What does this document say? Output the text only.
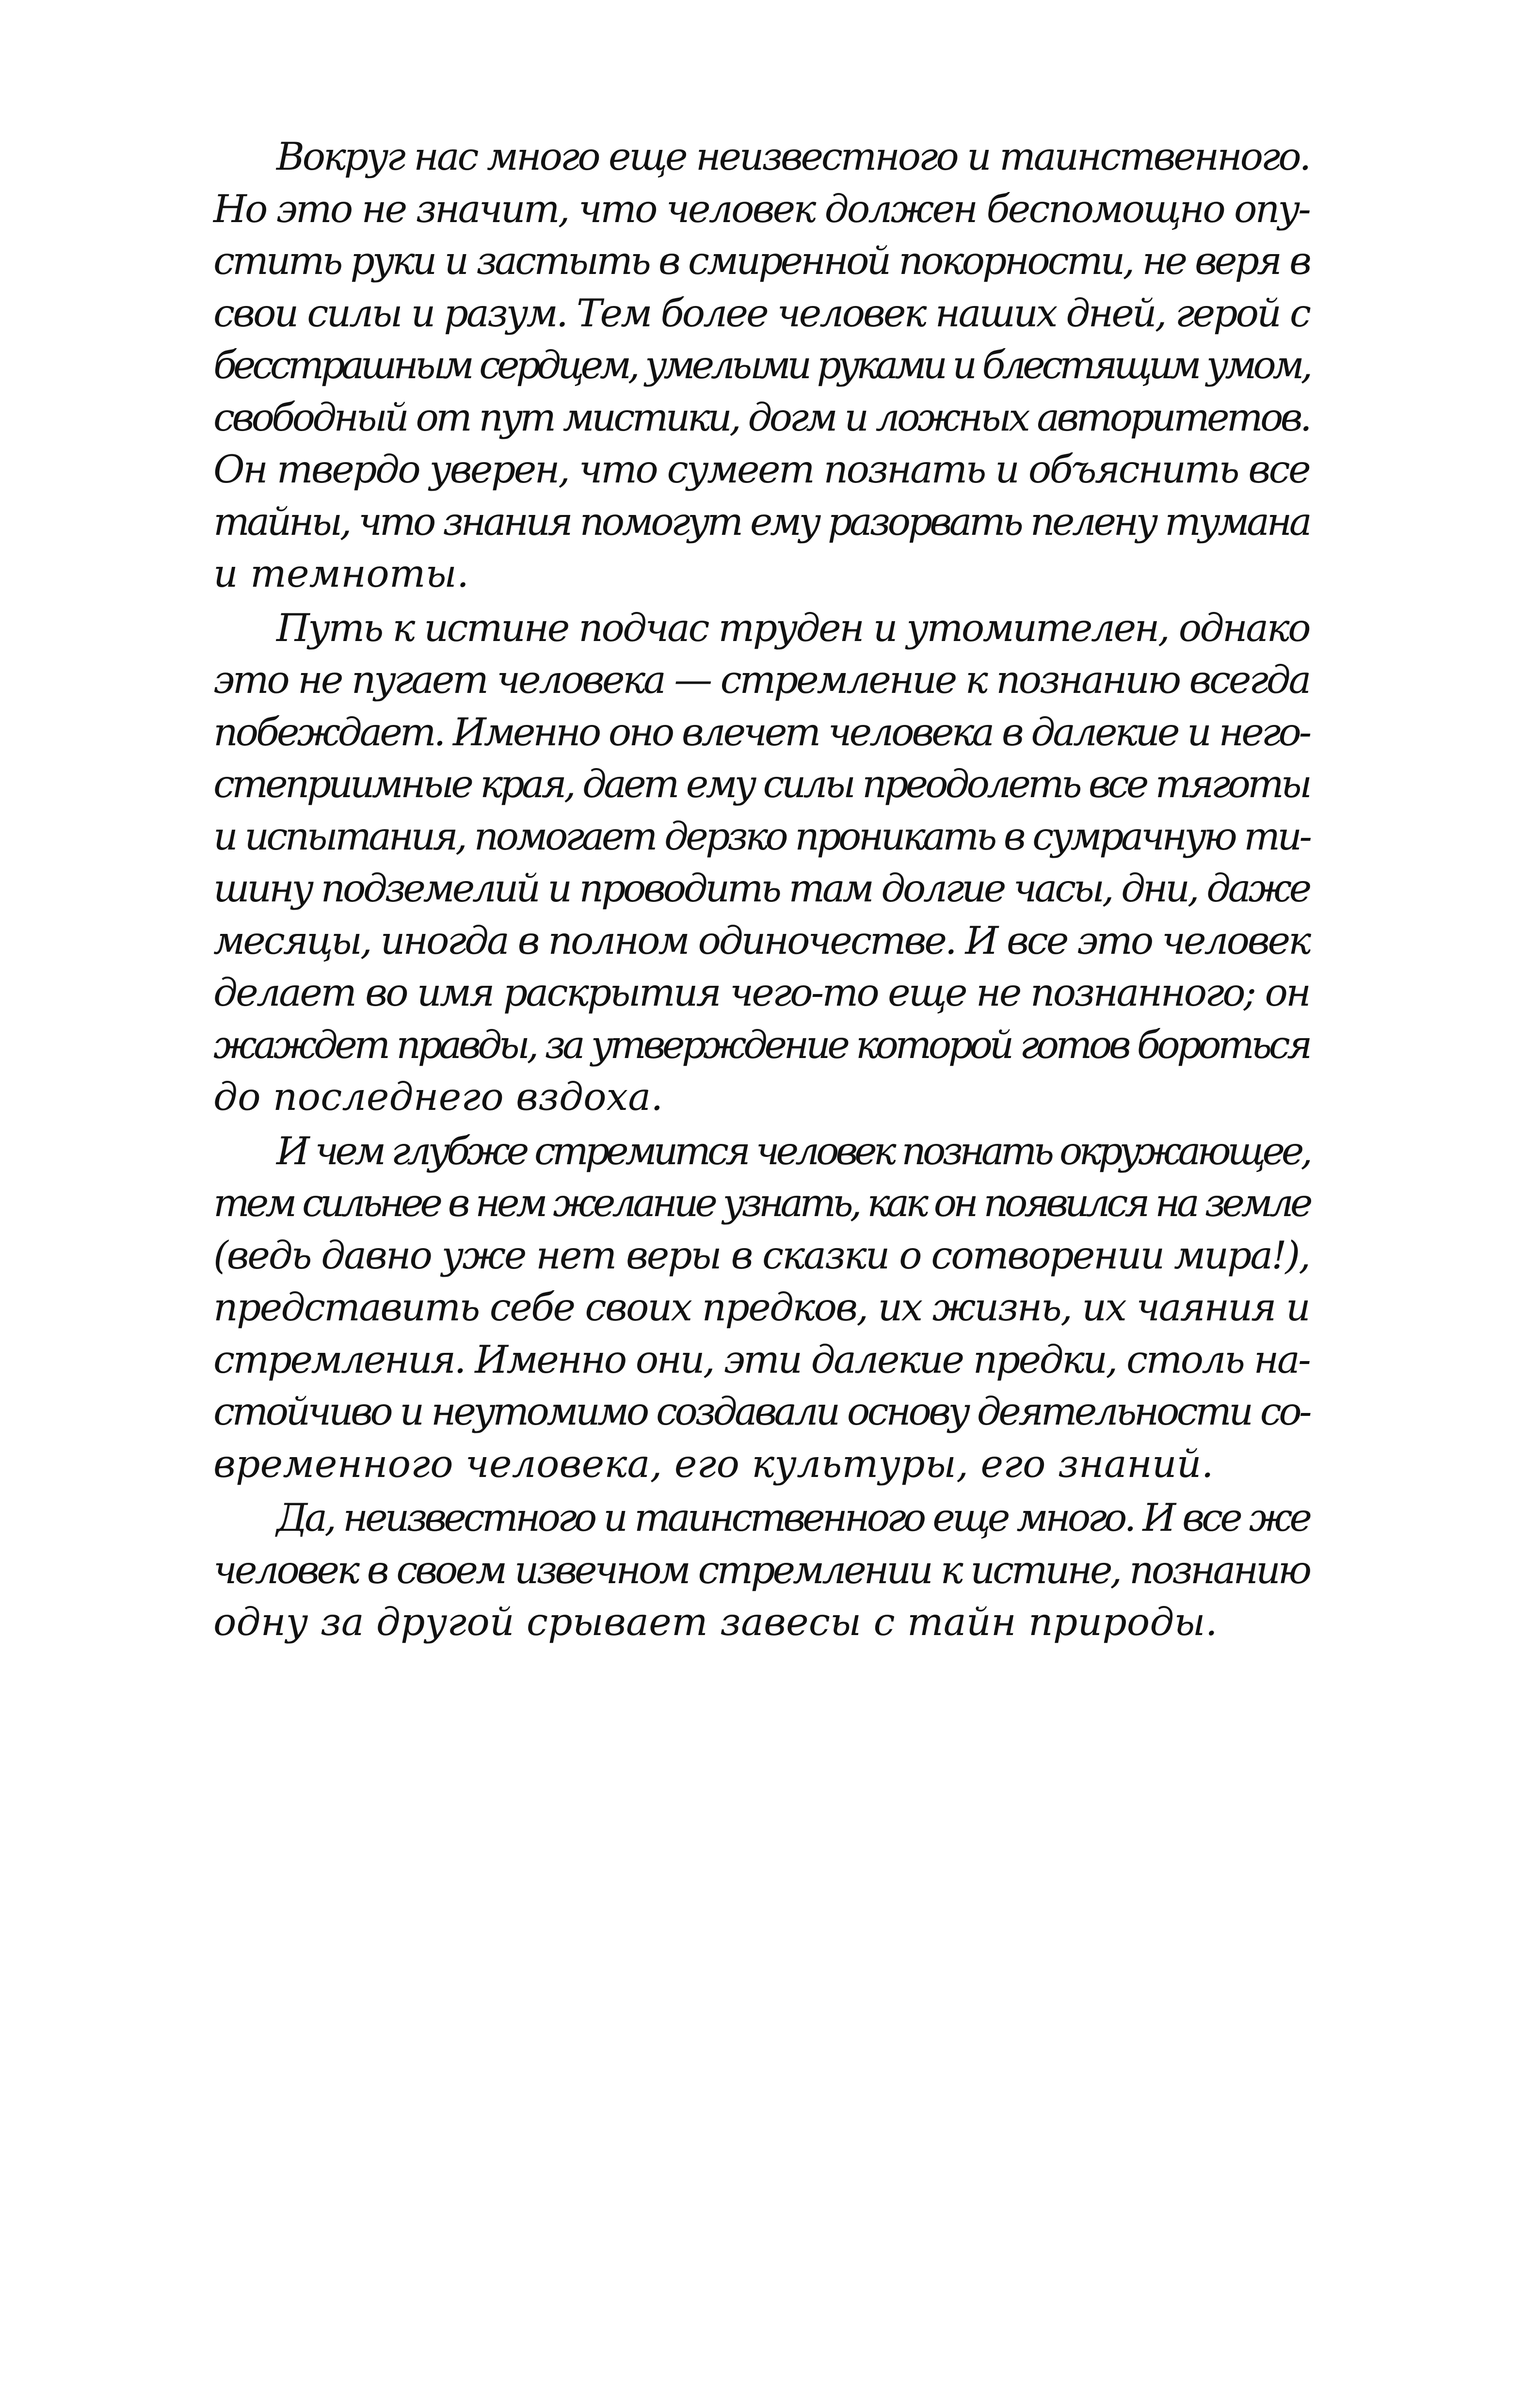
Вокруг нас много еще неизвестного и таинственного.
Но это не значит, что человек должен беспомощно опу-
стить руки и застыть в смиренной покорности, не веря в
свои силы и разум. Тем более человек наших дней, герой с
бесстрашным сердцем, умелыми руками и блестящим умом,
свободный от пут мистики, догм и ложных авторитетов.
Он твердо уверен, что сумеет познать и объяснить все
тайны, что знания помогут ему разорвать пелену тумана
и темноты.

Путь к истине подчас труден и утомителен, однако
это не пугает человека — стремление к познанию всегда
побеждает. Именно оно влечет человека в далекие и него-
степриимные края, дает ему силы преодолеть все тяготы
и испытания, помогает дерзко проникать в сумрачную ти-
шину подземелий и проводить там долгие часы, дни, даже
месяцы, иногда в полном одиночестве. И все это человек
делает во имя раскрытия чего-то еще не познанного; он
жаждет правды, за утверждение которой готов бороться
до последнего вздоха.

И чем глубже стремится человек познать окружающее,
тем сильнее в нем желание узнать, как он появился на земле
(ведь давно уже нет веры в сказки о сотворении мира!),
представить себе своих предков, их жизнь, их чаяния и
стремления. Именно они, эти далекие предки, столь на-
стойчиво и неутомимо создавали основу деятельности со-
временного человека, его культуры, его знаний.

Да, неизвестного и таинственного еще много. И все же
человек в своем извечном стремлении к истине, познанию
одну за другой срывает завесы с тайн природы.
